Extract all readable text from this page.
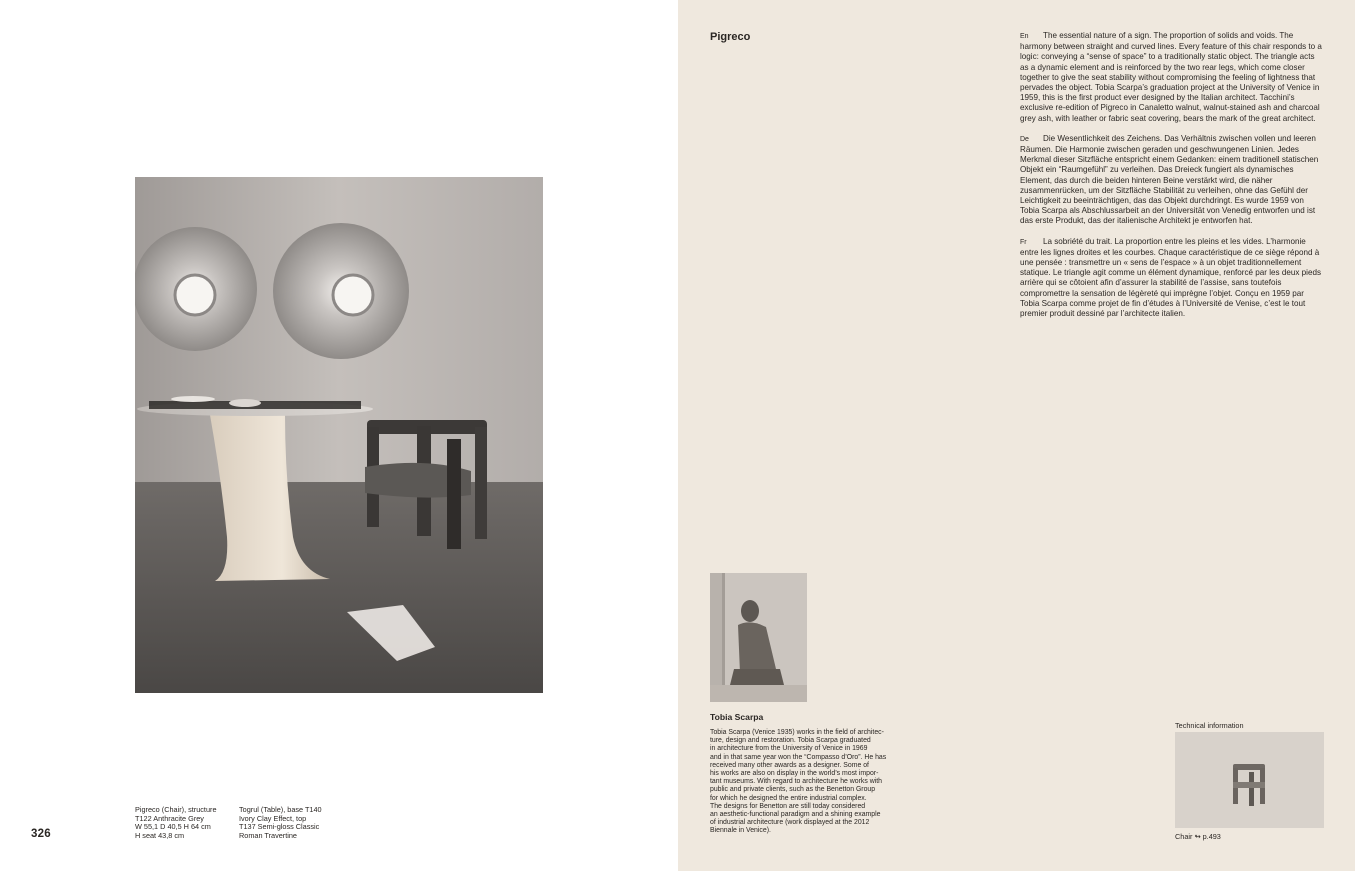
Pigreco (Chair), structure
T122 Anthracite Grey
W 55,1 D 40,5 H 64 cm
H seat 43,8 cm
Togrul (Table), base T140
Ivory Clay Effect, top
T137 Semi-gloss Classic
Roman Travertine
326
Pigreco	En The essential nature of a sign. The proportion of solids and voids. The harmony between straight and curved lines. Every feature of this chair responds to a logic: conveying a “sense of space” to a traditionally static object. The triangle acts as a dynamic element and is reinforced by the two rear legs, which come closer together to give the seat stability without compromising the feeling of lightness that pervades the object. Tobia Scarpa’s graduation project at the University of Venice in 1959, this is the first product ever designed by the Italian architect. Tacchini’s exclusive re-edition of Pigreco in Canaletto walnut, walnut-stained ash and charcoal grey ash, with leather or fabric seat covering, bears the mark of the great architect.

De Die Wesentlichkeit des Zeichens. Das Verhältnis zwischen vollen und leeren Räumen. Die Harmonie zwischen geraden und geschwungenen Linien. Jedes Merkmal dieser Sitzfläche entspricht einem Gedanken: einem traditionell statischen Objekt ein “Raumgefühl” zu verleihen. Das Dreieck fungiert als dynamisches Element, das durch die beiden hinteren Beine verstärkt wird, die näher zusammenrücken, um der Sitzfläche Stabilität zu verleihen, ohne das Gefühl der Leichtigkeit zu beeinträchtigen, das das Objekt durchdringt. Es wurde 1959 von Tobia Scarpa als Abschlussarbeit an der Universität von Venedig entworfen und ist das erste Produkt, das der italienische Architekt je entworfen hat.

Fr La sobriété du trait. La proportion entre les pleins et les vides. L’harmonie entre les lignes droites et les courbes. Chaque caractéristique de ce siège répond à une pensée : transmettre un « sens de l’espace » à un objet traditionnellement statique. Le triangle agit comme un élément dynamique, renforcé par les deux pieds arrière qui se côtoient afin d’assurer la stabilité de l’assise, sans toutefois compromettre la sensation de légèreté qui imprègne l’objet. Conçu en 1959 par Tobia Scarpa comme projet de fin d’études à l’Université de Venise, c’est le tout premier produit dessiné par l’architecte italien.

Tobia Scarpa
Tobia Scarpa (Venice 1935) works in the field of architec-
ture, design and restoration. Tobia Scarpa graduated
in architecture from the University of Venice in 1969
and in that same year won the “Compasso d’Oro”. He has
received many other awards as a designer. Some of
his works are also on display in the world’s most impor-
tant museums. With regard to architecture he works with
public and private clients, such as the Benetton Group
for which he designed the entire industrial complex.
The designs for Benetton are still today considered
an aesthetic-functional paradigm and a shining example
of industrial architecture (work displayed at the 2012
Biennale in Venice).
Technical information
Chair ↬ p.493
